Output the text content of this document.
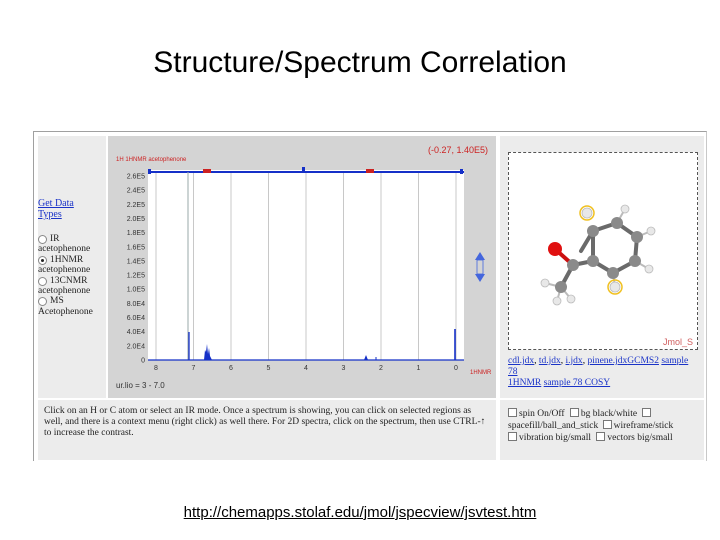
Structure/Spectrum Correlation
Get Data
Types
IR
acetophenone
1HNMR
acetophenone
13CNMR
acetophenone
MS
Acetophenone
1H 1HNMR acetophenone
(-0.27, 1.40E5)
2.6E5
2.4E5
2.2E5
2.0E5
1.8E5
1.6E5
1.4E5
1.2E5
1.0E5
8.0E4
6.0E4
4.0E4
2.0E4
0
8	7	6	5	4	3	2	1	0
1HNMR
ur.lio = 3 - 7.0
Jmol_S
cdl.jdx, td.jdx, i.jdx, pinene.jdxGCMS2 sample 78
1HNMR sample 78 COSY

Click on an H or C atom or select an IR mode. Once a spectrum is showing, you can click on selected regions as well, and there is a context menu (right click) as well there. For 2D spectra, click on the spectrum, then use CTRL-↑ to increase the contrast.

spin On/Off bg black/white
spacefill/ball_and_stick wireframe/stick
vibration big/small vectors big/small
http://chemapps.stolaf.edu/jmol/jspecview/jsvtest.htm
